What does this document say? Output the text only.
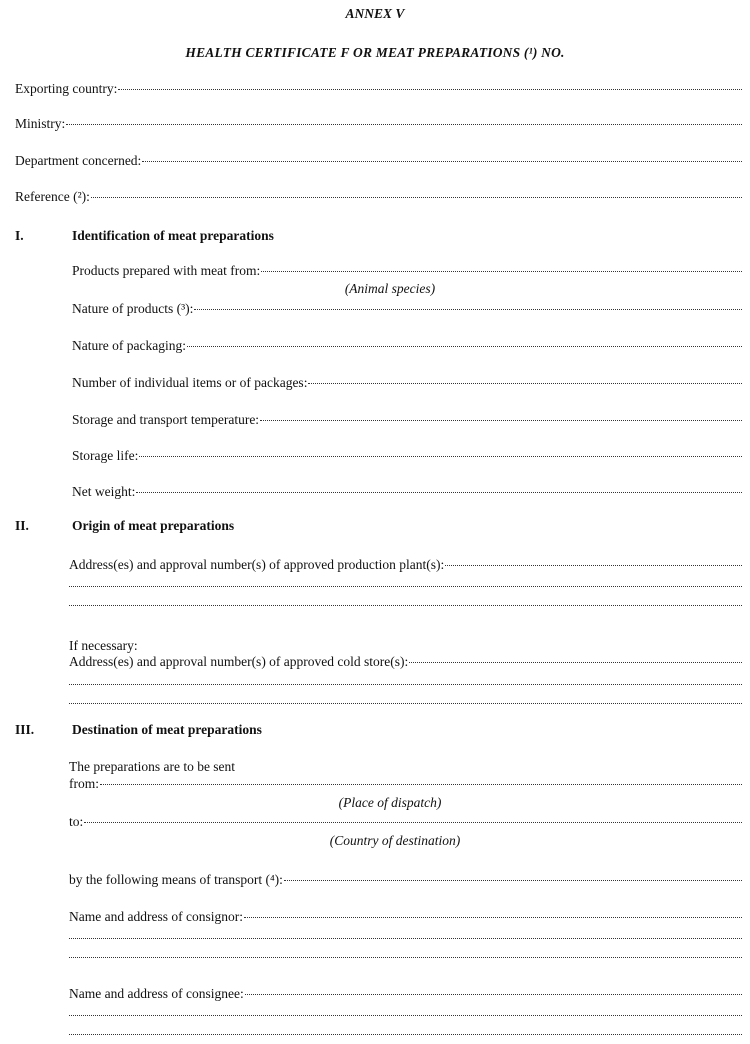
ANNEX V
HEALTH CERTIFICATE F OR MEAT PREPARATIONS (¹) NO.
Exporting country:
Ministry:
Department concerned:
Reference (²):
I.	Identification of meat preparations
Products prepared with meat from:
(Animal species)
Nature of products (³):
Nature of packaging:
Number of individual items or of packages:
Storage and transport temperature:
Storage life:
Net weight:
II.	Origin of meat preparations
Address(es) and approval number(s) of approved production plant(s):
If necessary:
Address(es) and approval number(s) of approved cold store(s):
III.	Destination of meat preparations
The preparations are to be sent
from:
(Place of dispatch)
to:
(Country of destination)
by the following means of transport (⁴):
Name and address of consignor:
Name and address of consignee:
